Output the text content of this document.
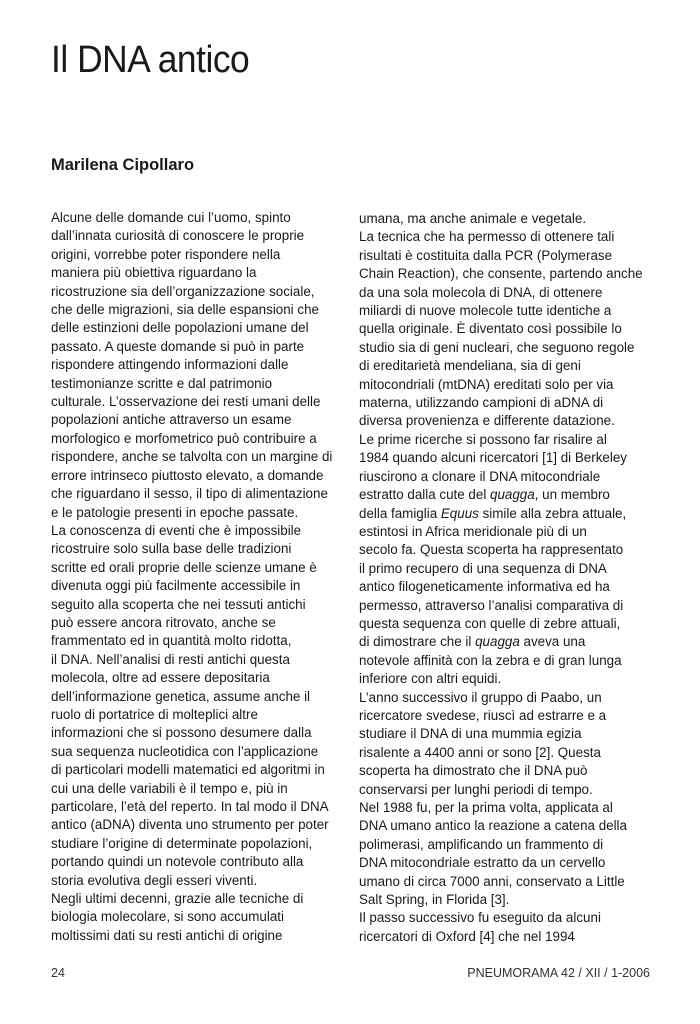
Il DNA antico
Marilena Cipollaro

Alcune delle domande cui l’uomo, spinto

dall’innata curiosità di conoscere le proprie

origini, vorrebbe poter rispondere nella

maniera più obiettiva riguardano la

ricostruzione sia dell’organizzazione sociale,

che delle migrazioni, sia delle espansioni che

delle estinzioni delle popolazioni umane del

passato. A queste domande si può in parte

rispondere attingendo informazioni dalle

testimonianze scritte e dal patrimonio

culturale. L’osservazione dei resti umani delle

popolazioni antiche attraverso un esame

morfologico e morfometrico può contribuire a

rispondere, anche se talvolta con un margine di

errore intrinseco piuttosto elevato, a domande

che riguardano il sesso, il tipo di alimentazione

e le patologie presenti in epoche passate.

La conoscenza di eventi che è impossibile

ricostruire solo sulla base delle tradizioni

scritte ed orali proprie delle scienze umane è

divenuta oggi più facilmente accessibile in

seguito alla scoperta che nei tessuti antichi

può essere ancora ritrovato, anche se

frammentato ed in quantità molto ridotta,

il DNA. Nell’analisi di resti antichi questa

molecola, oltre ad essere depositaria

dell’informazione genetica, assume anche il

ruolo di portatrice di molteplici altre

informazioni che si possono desumere dalla

sua sequenza nucleotidica con l’applicazione

di particolari modelli matematici ed algoritmi in

cui una delle variabili è il tempo e, più in

particolare, l’età del reperto. In tal modo il DNA

antico (aDNA) diventa uno strumento per poter

studiare l’origine di determinate popolazioni,

portando quindi un notevole contributo alla

storia evolutiva degli esseri viventi.

Negli ultimi decenni, grazie alle tecniche di

biologia molecolare, si sono accumulati

moltissimi dati su resti antichi di origine

umana, ma anche animale e vegetale.

La tecnica che ha permesso di ottenere tali

risultati è costituita dalla PCR (Polymerase

Chain Reaction), che consente, partendo anche

da una sola molecola di DNA, di ottenere

miliardi di nuove molecole tutte identiche a

quella originale. È diventato così possibile lo

studio sia di geni nucleari, che seguono regole

di ereditarietà mendeliana, sia di geni

mitocondriali (mtDNA) ereditati solo per via

materna, utilizzando campioni di aDNA di

diversa provenienza e differente datazione.

Le prime ricerche si possono far risalire al

1984 quando alcuni ricercatori [1] di Berkeley

riuscirono a clonare il DNA mitocondriale

estratto dalla cute del quagga, un membro

della famiglia Equus simile alla zebra attuale,

estintosi in Africa meridionale più di un

secolo fa. Questa scoperta ha rappresentato

il primo recupero di una sequenza di DNA

antico filogeneticamente informativa ed ha

permesso, attraverso l’analisi comparativa di

questa sequenza con quelle di zebre attuali,

di dimostrare che il quagga aveva una

notevole affinità con la zebra e di gran lunga

inferiore con altri equidi.

L’anno successivo il gruppo di Paabo, un

ricercatore svedese, riuscì ad estrarre e a

studiare il DNA di una mummia egizia

risalente a 4400 anni or sono [2]. Questa

scoperta ha dimostrato che il DNA può

conservarsi per lunghi periodi di tempo.

Nel 1988 fu, per la prima volta, applicata al

DNA umano antico la reazione a catena della

polimerasi, amplificando un frammento di

DNA mitocondriale estratto da un cervello

umano di circa 7000 anni, conservato a Little

Salt Spring, in Florida [3].

Il passo successivo fu eseguito da alcuni

ricercatori di Oxford [4] che nel 1994

24	PNEUMORAMA 42 / XII / 1-2006
